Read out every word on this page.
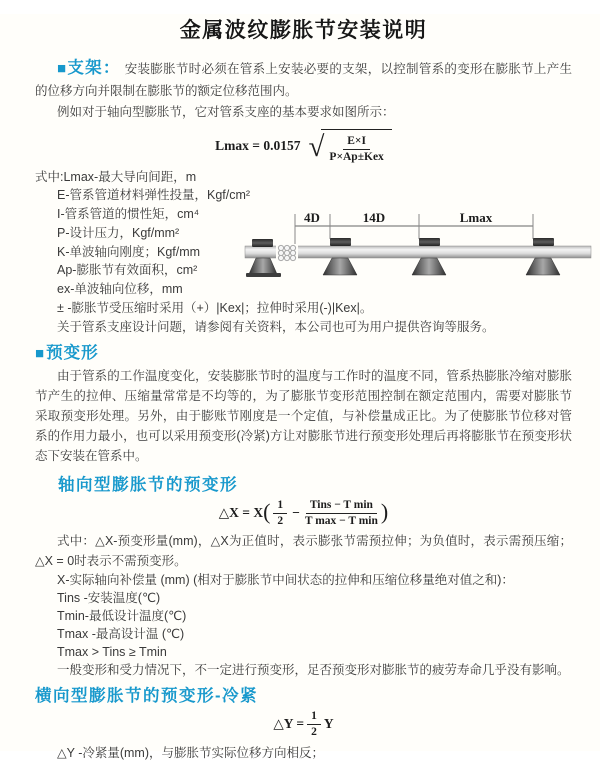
金属波纹膨胀节安装说明

■支架： 安装膨胀节时必须在管系上安装必要的支架，以控制管系的变形在膨胀节上产生的位移方向并限制在膨胀节的额定位移范围内。

例如对于轴向型膨胀节，它对管系支座的基本要求如图所示：

Lmax = 0.0157 √ $\frac{E\times I}{\text{P×Ap±Kex}}$
式中:Lmax-最大导向间距，m
E-管系管道材料弹性投量，Kgf/cm²
I-管系管道的惯性矩，cm⁴
P-设计压力，Kgf/mm²
K-单波轴向刚度；Kgf/mm
Ap-膨胀节有效面积，cm²
ex-单波轴向位移，mm
± -膨胀节受压缩时采用（+）|Kex|；拉伸时采用(-)|Kex|。
关于管系支座设计问题，请参阅有关资料，本公司也可为用户提供咨询等服务。

■预变形

由于管系的工作温度变化，安装膨胀节时的温度与工作时的温度不同，管系热膨胀冷缩对膨胀节产生的拉伸、压缩量常常是不均等的，为了膨胀节变形范围控制在额定范围内，需要对膨胀节采取预变形处理。另外，由于膨账节刚度是一个定值，与补偿量成正比。为了使膨胀节位移对管系的作用力最小，也可以采用预变形(冷紧)方让对膨胀节进行预变形处理后再将膨胀节在预变形状态下安装在管系中。

轴向型膨胀节的预变形

△X = X ( $\frac{1}{2} - \frac{\text{Tins − T min}}{\text{T max − T min}}$ )

式中：△X-预变形量(mm)，△X为正值时，表示膨张节需预拉伸；为负值时，表示需预压缩；△X = 0时表示不需预变形。

X-实际轴向补偿量 (mm) (相对于膨胀节中间状态的拉伸和压缩位移量绝对值之和)：
Tins -安装温度(℃)
Tmin-最低设计温度(℃)
Tmax -最高设计温 (℃)
Tmax > Tins ≥ Tmin
一般变形和受力情况下，不一定进行预变形，足否预变形对膨胀节的疲劳寿命几乎没有影响。

横向型膨胀节的预变形-冷紧

△Y = $\frac{1}{2}$ Y
△Y -冷紧量(mm)，与膨胀节实际位移方向相反；
4D	14D	Lmax
